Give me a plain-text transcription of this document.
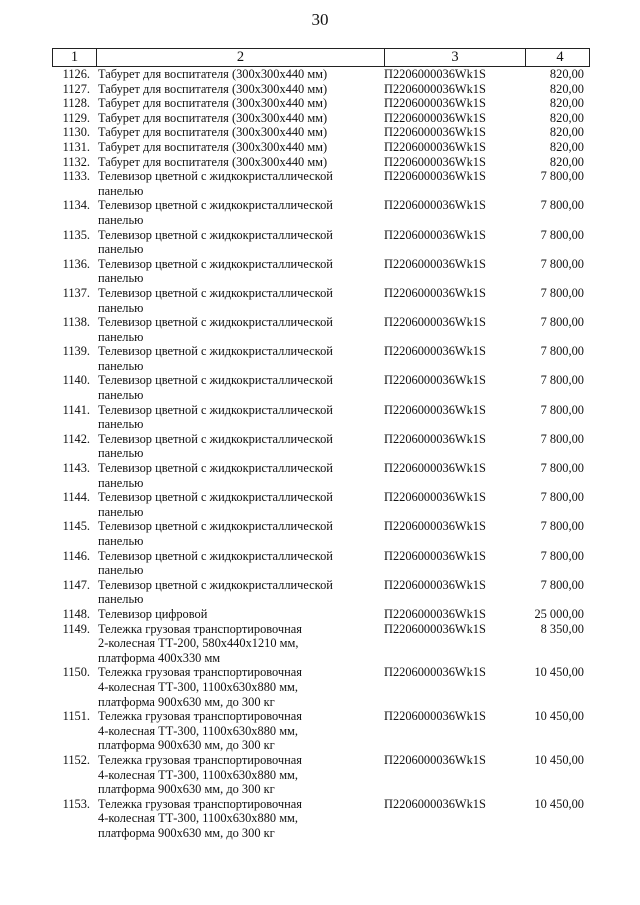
30
1	2	3	4
1126. Табурет для воспитателя (300х300х440 мм)	П2206000036Wk1S	820,00
1127. Табурет для воспитателя (300х300х440 мм)	П2206000036Wk1S	820,00
1128. Табурет для воспитателя (300х300х440 мм)	П2206000036Wk1S	820,00
1129. Табурет для воспитателя (300х300х440 мм)	П2206000036Wk1S	820,00
1130. Табурет для воспитателя (300х300х440 мм)	П2206000036Wk1S	820,00
1131. Табурет для воспитателя (300х300х440 мм)	П2206000036Wk1S	820,00
1132. Табурет для воспитателя (300х300х440 мм)	П2206000036Wk1S	820,00
1133. Телевизор цветной с жидкокристаллической
панелью
П2206000036Wk1S	7 800,00
1134. Телевизор цветной с жидкокристаллической
панелью
П2206000036Wk1S	7 800,00
1135. Телевизор цветной с жидкокристаллической
панелью
П2206000036Wk1S	7 800,00
1136. Телевизор цветной с жидкокристаллической
панелью
П2206000036Wk1S	7 800,00
1137. Телевизор цветной с жидкокристаллической
панелью
П2206000036Wk1S	7 800,00
1138. Телевизор цветной с жидкокристаллической
панелью
П2206000036Wk1S	7 800,00
1139. Телевизор цветной с жидкокристаллической
панелью
П2206000036Wk1S	7 800,00
1140. Телевизор цветной с жидкокристаллической
панелью
П2206000036Wk1S	7 800,00
1141. Телевизор цветной с жидкокристаллической
панелью
П2206000036Wk1S	7 800,00
1142. Телевизор цветной с жидкокристаллической
панелью
П2206000036Wk1S	7 800,00
1143. Телевизор цветной с жидкокристаллической
панелью
П2206000036Wk1S	7 800,00
1144. Телевизор цветной с жидкокристаллической
панелью
П2206000036Wk1S	7 800,00
1145. Телевизор цветной с жидкокристаллической
панелью
П2206000036Wk1S	7 800,00
1146. Телевизор цветной с жидкокристаллической
панелью
П2206000036Wk1S	7 800,00
1147. Телевизор цветной с жидкокристаллической
панелью
П2206000036Wk1S	7 800,00
1148. Телевизор цифровой	П2206000036Wk1S	25 000,00
1149. Тележка грузовая транспортировочная
2-колесная ТТ-200, 580х440х1210 мм,
платформа 400х330 мм
П2206000036Wk1S	8 350,00
1150. Тележка грузовая транспортировочная
4-колесная ТТ-300, 1100х630х880 мм,
платформа 900х630 мм, до 300 кг
П2206000036Wk1S	10 450,00
1151. Тележка грузовая транспортировочная
4-колесная ТТ-300, 1100х630х880 мм,
платформа 900х630 мм, до 300 кг
П2206000036Wk1S	10 450,00
1152. Тележка грузовая транспортировочная
4-колесная ТТ-300, 1100х630х880 мм,
платформа 900х630 мм, до 300 кг
П2206000036Wk1S	10 450,00
1153. Тележка грузовая транспортировочная
4-колесная ТТ-300, 1100х630х880 мм,
платформа 900х630 мм, до 300 кг
П2206000036Wk1S	10 450,00
